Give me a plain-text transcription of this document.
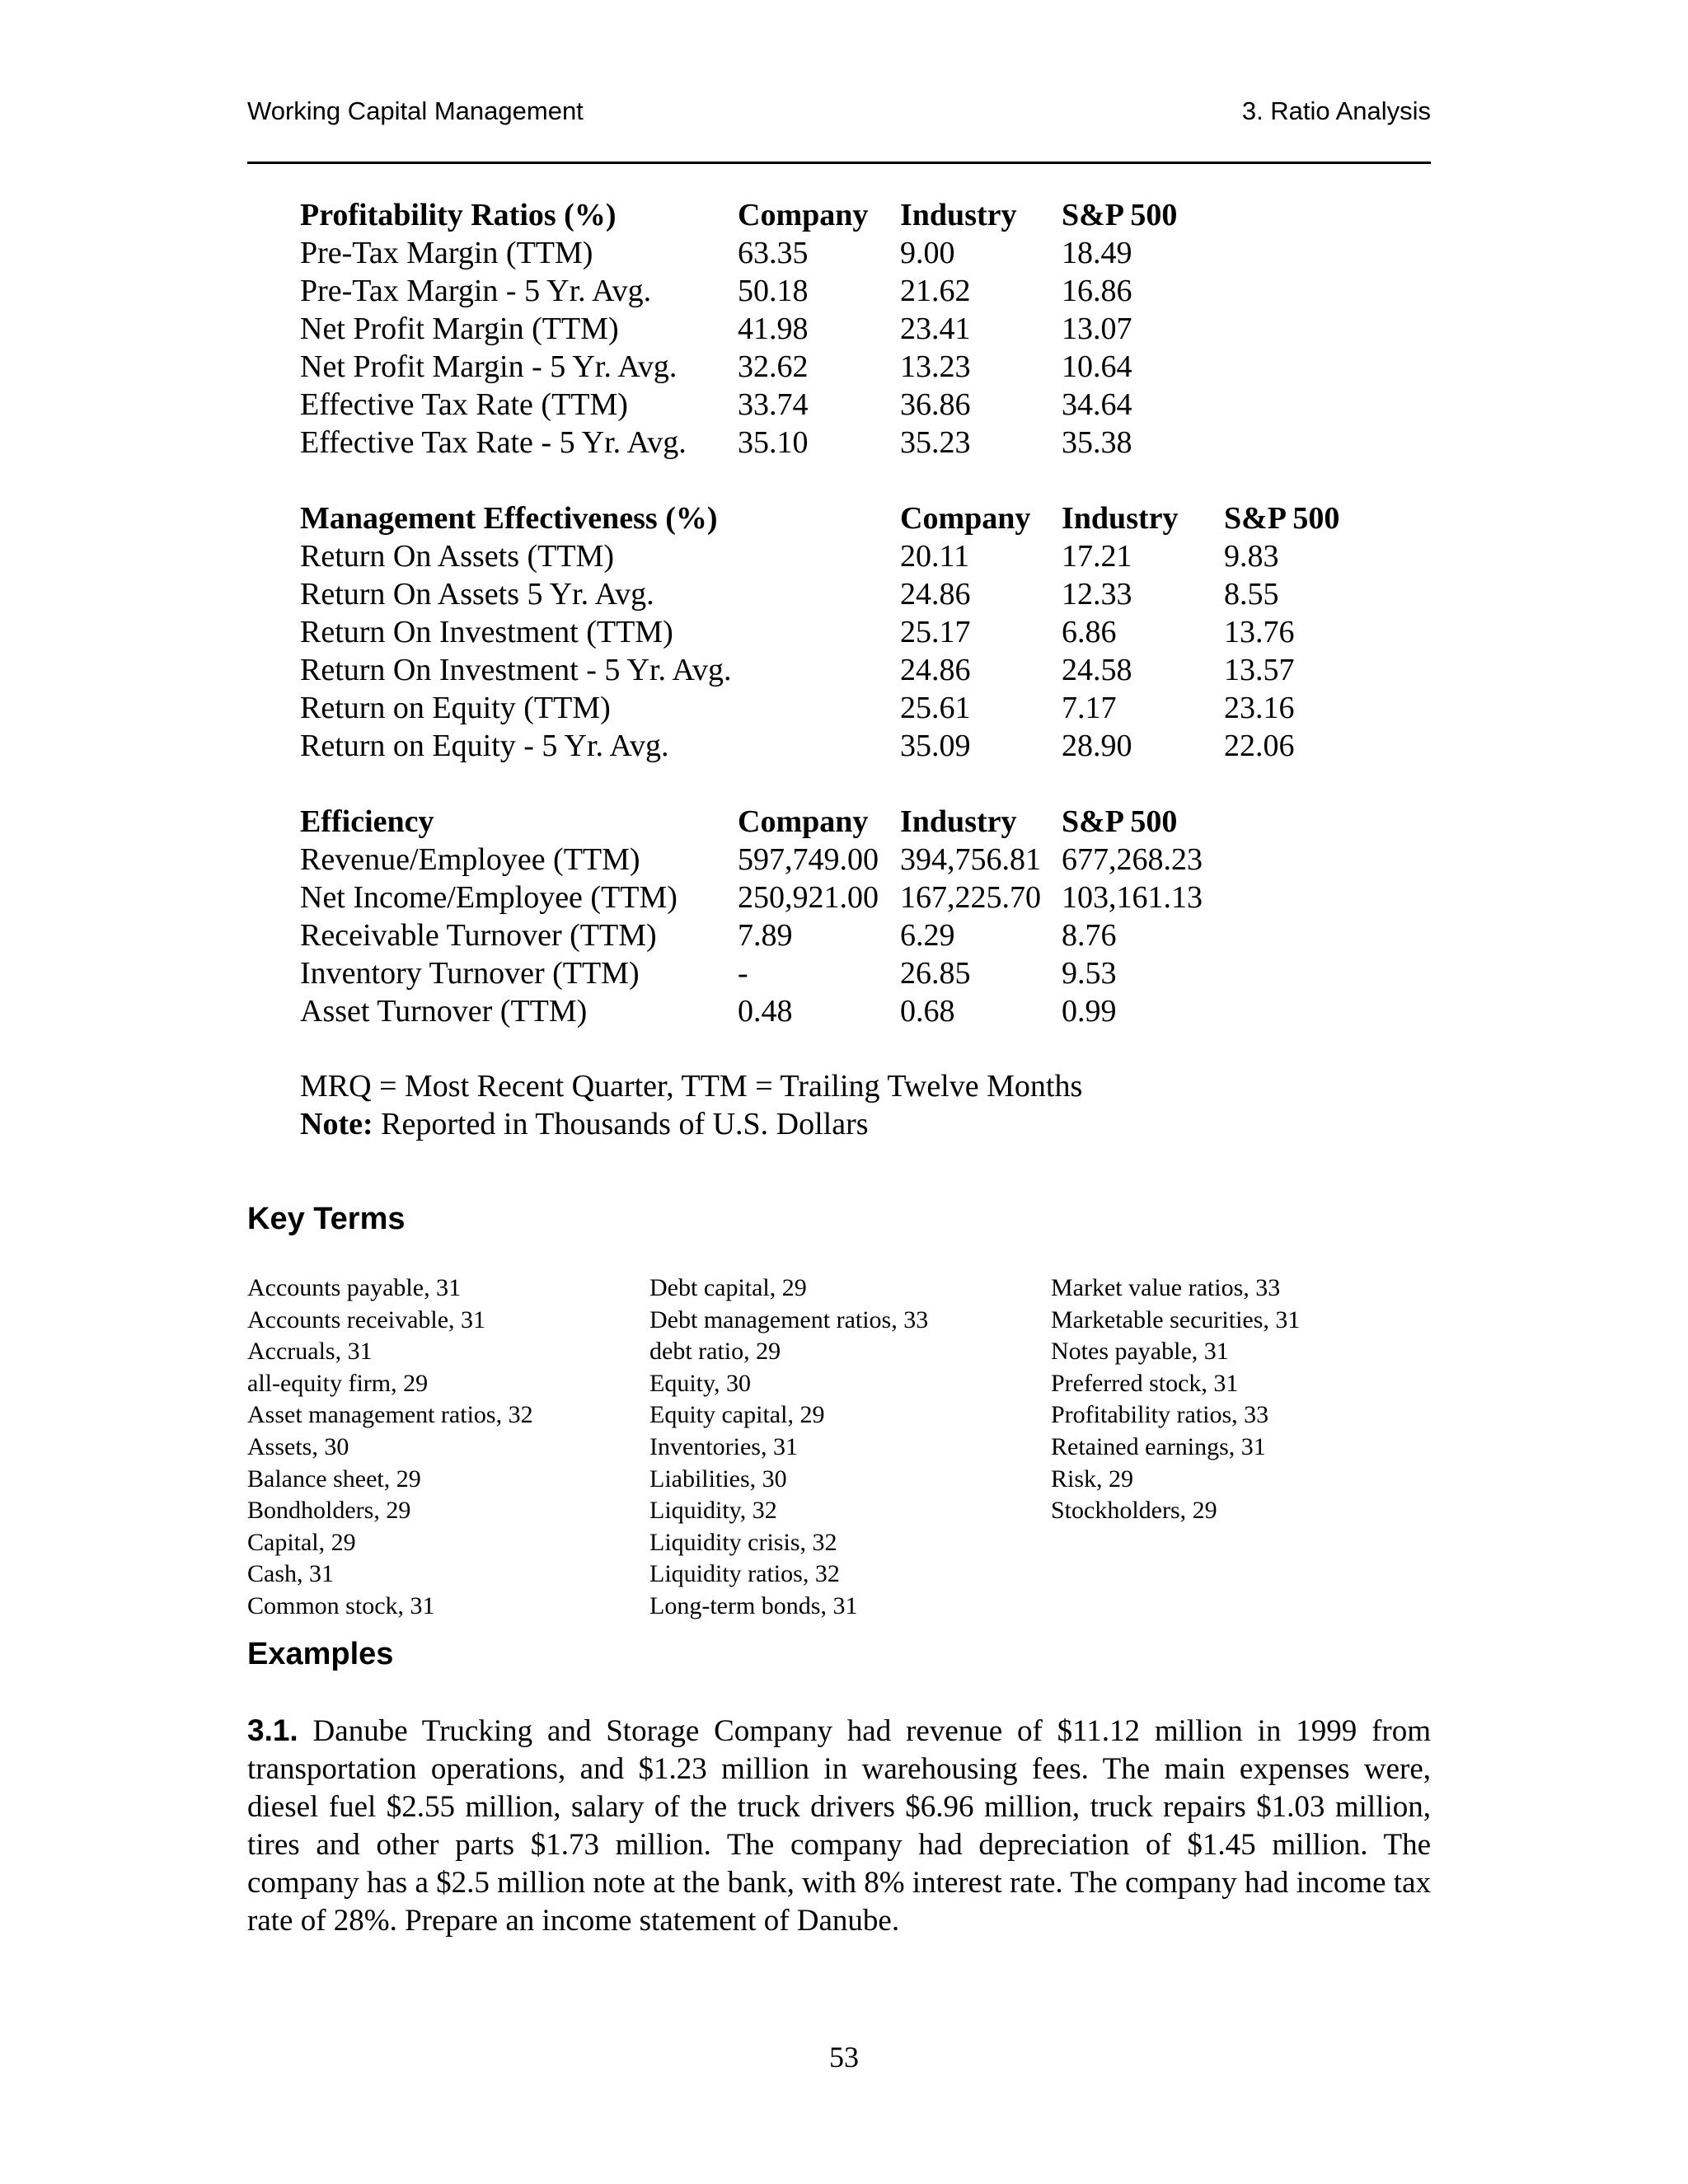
Working Capital Management	3. Ratio Analysis
Profitability Ratios (%)	Company Industry S&P 500
Pre-Tax Margin (TTM)	63.35	9.00	18.49
Pre-Tax Margin - 5 Yr. Avg.	50.18	21.62	16.86
Net Profit Margin (TTM)	41.98	23.41	13.07
Net Profit Margin - 5 Yr. Avg. 32.62	13.23	10.64
Effective Tax Rate (TTM)	33.74	36.86	34.64
Effective Tax Rate - 5 Yr. Avg. 35.10	35.23	35.38
Management Effectiveness (%)	Company Industry S&P 500
Return On Assets (TTM)	20.11	17.21	9.83
Return On Assets 5 Yr. Avg.	24.86	12.33	8.55
Return On Investment (TTM)	25.17	6.86	13.76
Return On Investment - 5 Yr. Avg.	24.86	24.58	13.57
Return on Equity (TTM)	25.61	7.17	23.16
Return on Equity - 5 Yr. Avg.	35.09	28.90	22.06
Efficiency	Company Industry S&P 500
Revenue/Employee (TTM)	597,749.00 394,756.81 677,268.23
Net Income/Employee (TTM) 250,921.00 167,225.70 103,161.13
Receivable Turnover (TTM)	7.89	6.29	8.76
Inventory Turnover (TTM)	-	26.85	9.53
Asset Turnover (TTM)	0.48	0.68	0.99
MRQ = Most Recent Quarter, TTM = Trailing Twelve Months
Note: Reported in Thousands of U.S. Dollars
Key Terms
Accounts payable, 31
Accounts receivable, 31
Accruals, 31
all-equity firm, 29
Asset management ratios, 32
Assets, 30
Balance sheet, 29
Bondholders, 29
Capital, 29
Cash, 31
Common stock, 31
Debt capital, 29
Debt management ratios, 33
debt ratio, 29
Equity, 30
Equity capital, 29
Inventories, 31
Liabilities, 30
Liquidity, 32
Liquidity crisis, 32
Liquidity ratios, 32
Long-term bonds, 31
Market value ratios, 33
Marketable securities, 31
Notes payable, 31
Preferred stock, 31
Profitability ratios, 33
Retained earnings, 31
Risk, 29
Stockholders, 29
Examples
3.1. Danube Trucking and Storage Company had revenue of $11.12 million in 1999 from transportation operations, and $1.23 million in warehousing fees. The main expenses were, diesel fuel $2.55 million, salary of the truck drivers $6.96 million, truck repairs $1.03 million, tires and other parts $1.73 million. The company had depreciation of $1.45 million. The company has a $2.5 million note at the bank, with 8% interest rate. The company had income tax rate of 28%. Prepare an income statement of Danube.
53
